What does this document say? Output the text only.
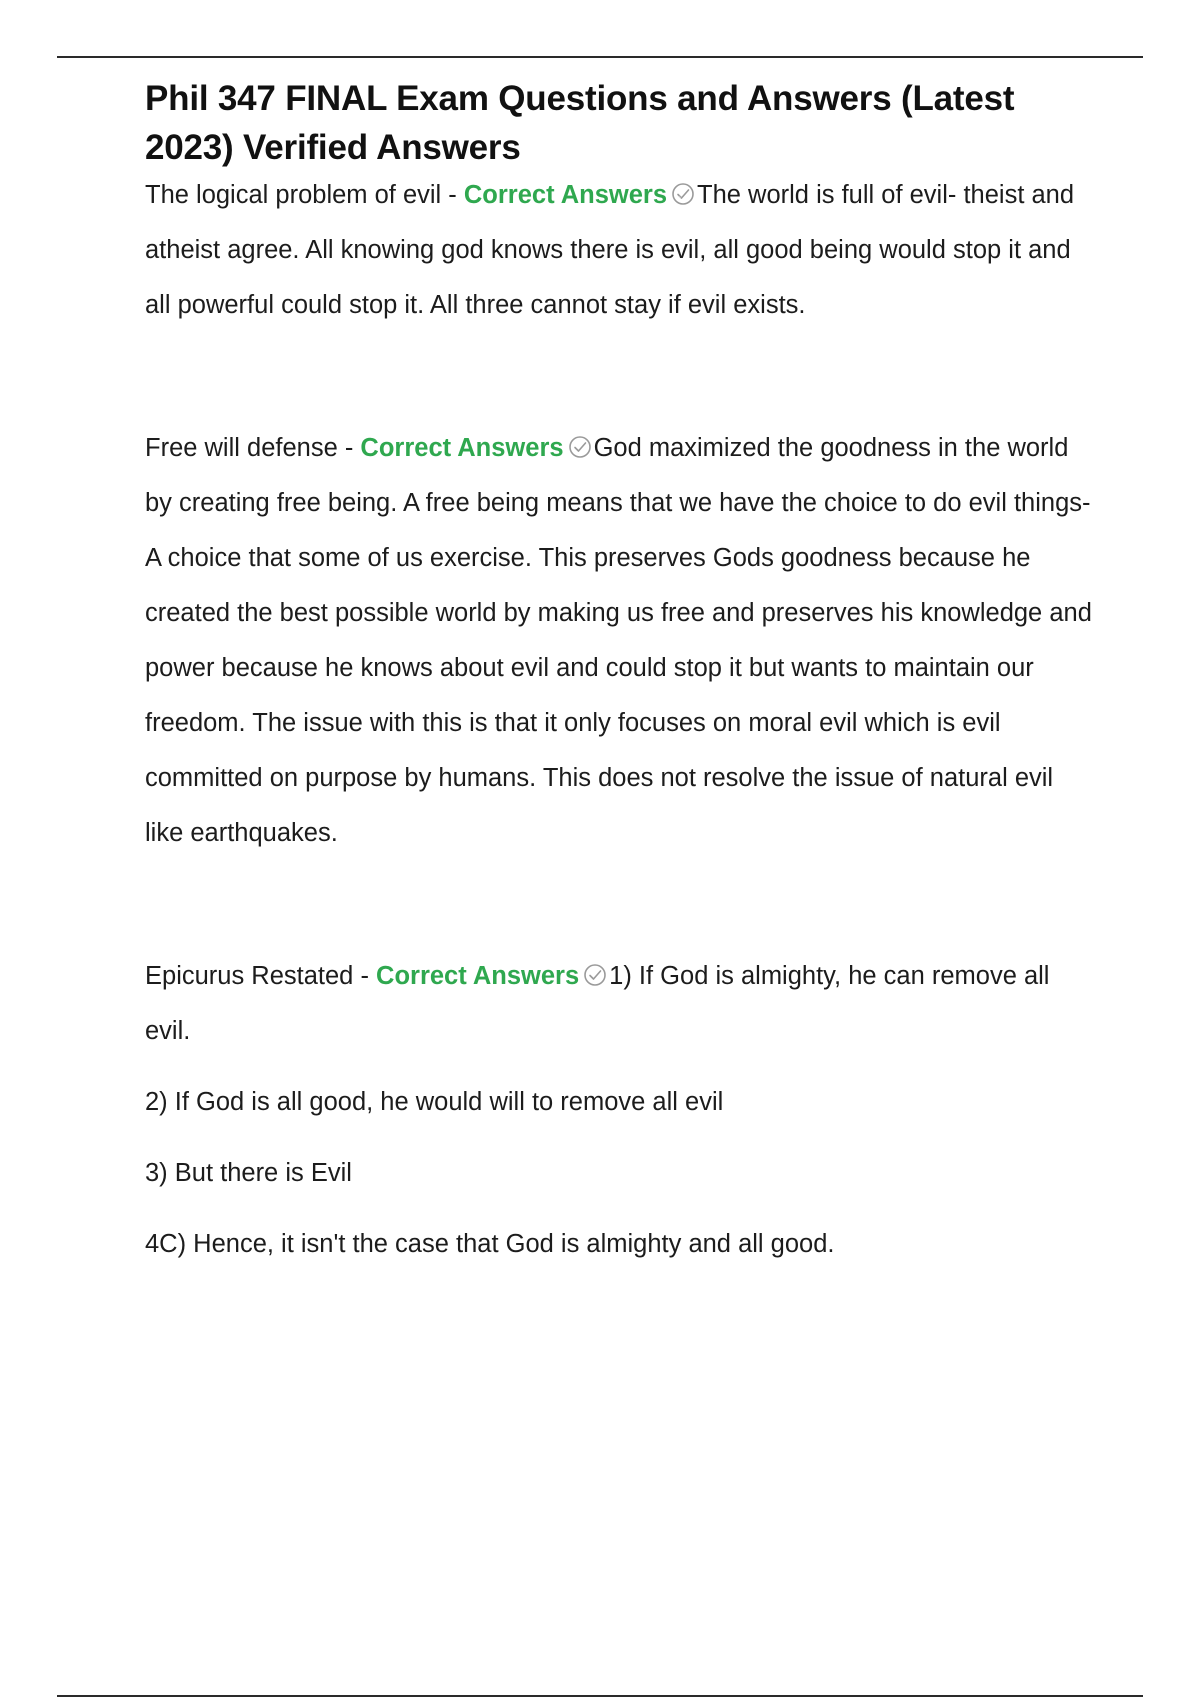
Phil 347 FINAL Exam Questions and Answers (Latest 2023) Verified Answers

The logical problem of evil - Correct Answers The world is full of evil- theist and atheist agree. All knowing god knows there is evil, all good being would stop it and all powerful could stop it. All three cannot stay if evil exists.

Free will defense - Correct Answers God maximized the goodness in the world by creating free being. A free being means that we have the choice to do evil things- A choice that some of us exercise. This preserves Gods goodness because he created the best possible world by making us free and preserves his knowledge and power because he knows about evil and could stop it but wants to maintain our freedom. The issue with this is that it only focuses on moral evil which is evil committed on purpose by humans. This does not resolve the issue of natural evil like earthquakes.

Epicurus Restated - Correct Answers 1) If God is almighty, he can remove all evil.

2) If God is all good, he would will to remove all evil

3) But there is Evil

4C) Hence, it isn't the case that God is almighty and all good.
